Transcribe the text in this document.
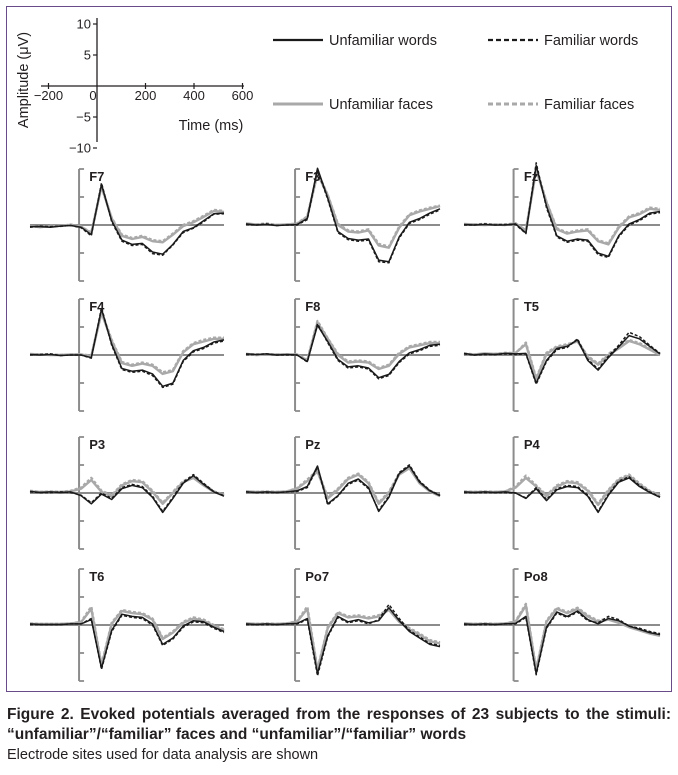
−200 0	200 400 600
10
5
−5
−10
Amplitude (μV)	Time (ms)
Unfamiliar words	Familiar words
Unfamiliar faces	Familiar faces
F7	F3	Fz
F4	F8	T5
P3	Pz	P4
T6	Po7	Po8

Figure 2. Evoked potentials averaged from the responses of 23 subjects to the stimuli: “unfamiliar”/“familiar” faces and “unfamiliar”/“familiar” words

Electrode sites used for data analysis are shown
